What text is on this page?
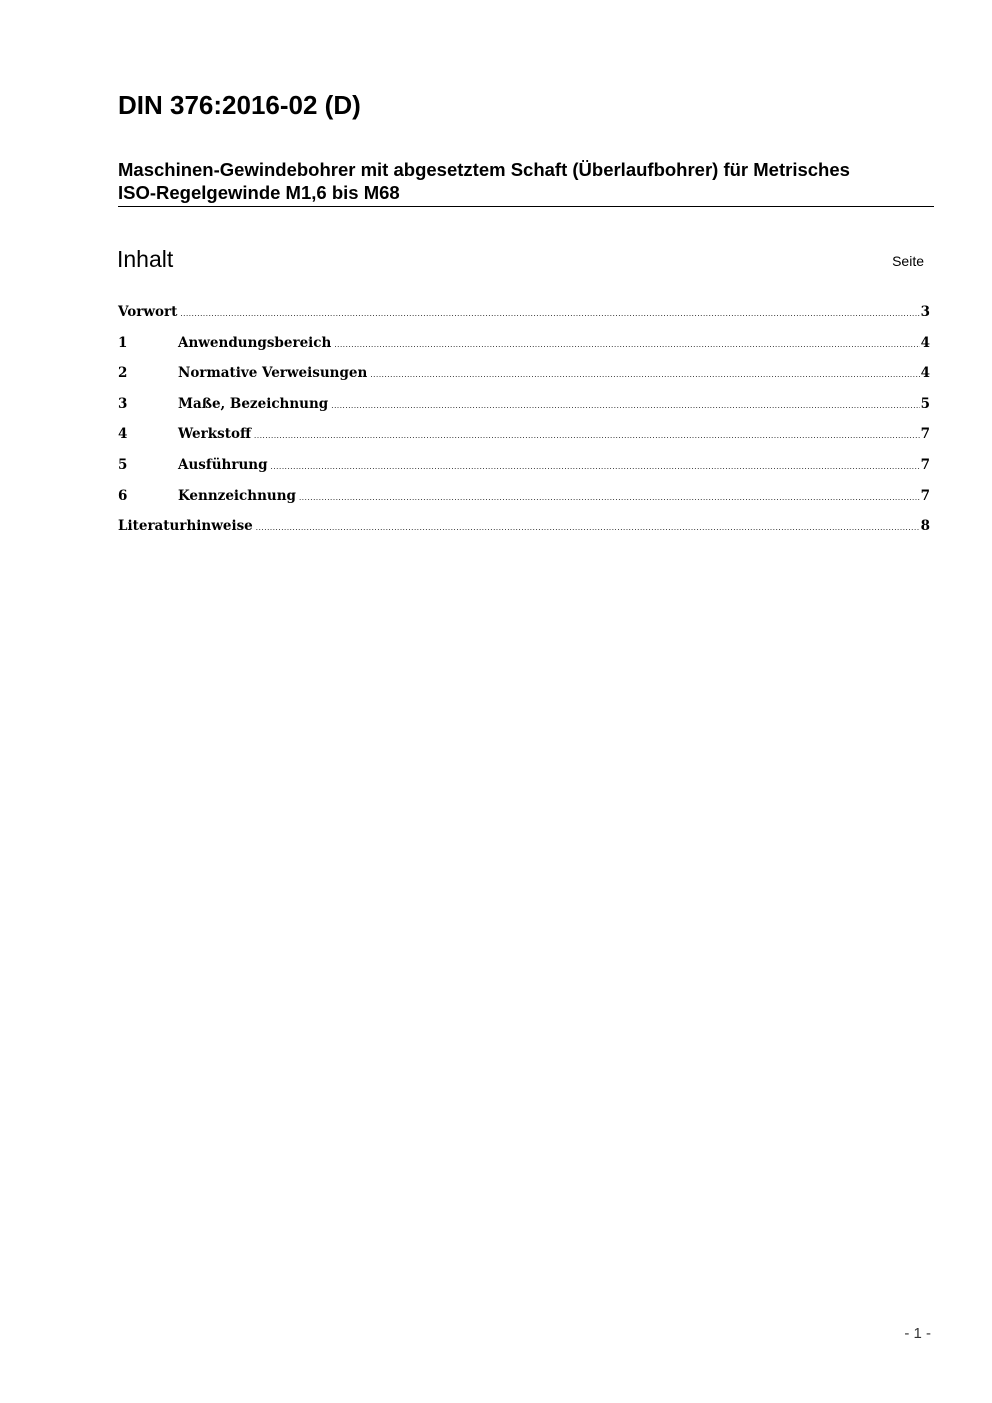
DIN 376:2016-02 (D)
Maschinen-Gewindebohrer mit abgesetztem Schaft (Überlaufbohrer) für Metrisches
ISO-Regelgewinde M1,6 bis M68
Inhalt	Seite
Vorwort .....	3
1	Anwendungsbereich .....	4
2	Normative Verweisungen .....	4
3	Maße, Bezeichnung .....	5
4	Werkstoff .....	7
5	Ausführung .....	7
6	Kennzeichnung .....	7
Literaturhinweise .....	8
- 1 -
